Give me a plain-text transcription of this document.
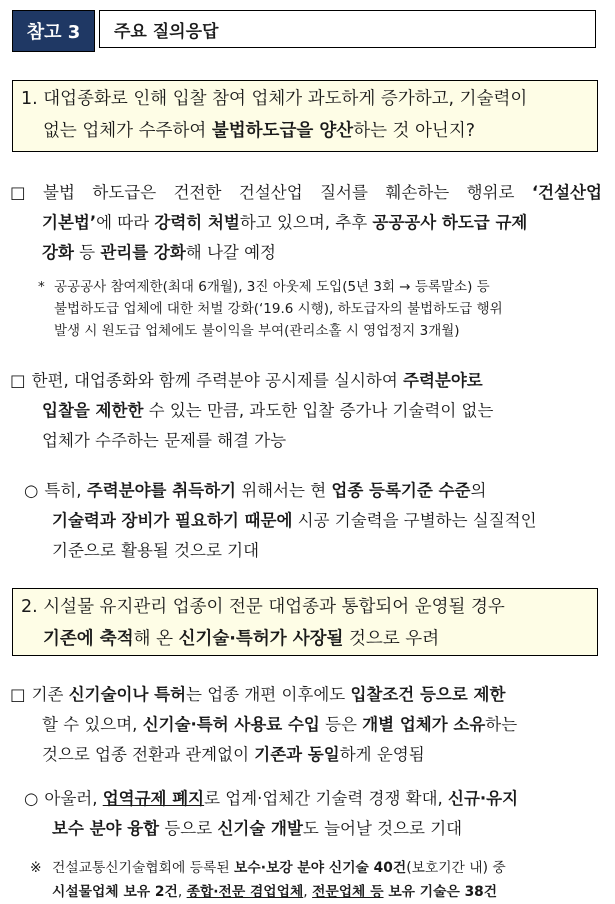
참고 3	주요 질의응답
1. 대업종화로 인해 입찰 참여 업체가 과도하게 증가하고, 기술력이
없는 업체가 수주하여 불법하도급을 양산하는 것 아닌지?
□ 불법 하도급은 건전한 건설산업 질서를 훼손하는 행위로 ‘건설산업
기본법’에 따라 강력히 처벌하고 있으며, 추후 공공공사 하도급 규제
강화 등 관리를 강화해 나갈 예정
* 공공공사 참여제한(최대 6개월), 3진 아웃제 도입(5년 3회 → 등록말소) 등
불법하도급 업체에 대한 처벌 강화(‘19.6 시행), 하도급자의 불법하도급 행위
발생 시 원도급 업체에도 불이익을 부여(관리소홀 시 영업정지 3개월)
□ 한편, 대업종화와 함께 주력분야 공시제를 실시하여 주력분야로
입찰을 제한한 수 있는 만큼, 과도한 입찰 증가나 기술력이 없는
업체가 수주하는 문제를 해결 가능
○ 특히, 주력분야를 취득하기 위해서는 현 업종 등록기준 수준의
기술력과 장비가 필요하기 때문에 시공 기술력을 구별하는 실질적인
기준으로 활용될 것으로 기대
2. 시설물 유지관리 업종이 전문 대업종과 통합되어 운영될 경우
기존에 축적해 온 신기술·특허가 사장될 것으로 우려
□ 기존 신기술이나 특허는 업종 개편 이후에도 입찰조건 등으로 제한
할 수 있으며, 신기술·특허 사용료 수입 등은 개별 업체가 소유하는
것으로 업종 전환과 관계없이 기존과 동일하게 운영됨
○ 아울러, 업역규제 폐지로 업계·업체간 기술력 경쟁 확대, 신규·유지
보수 분야 융합 등으로 신기술 개발도 늘어날 것으로 기대
※ 건설교통신기술협회에 등록된 보수·보강 분야 신기술 40건(보호기간 내) 중
시설물업체 보유 2건, 종합·전문 겸업업체, 전문업체 등 보유 기술은 38건
